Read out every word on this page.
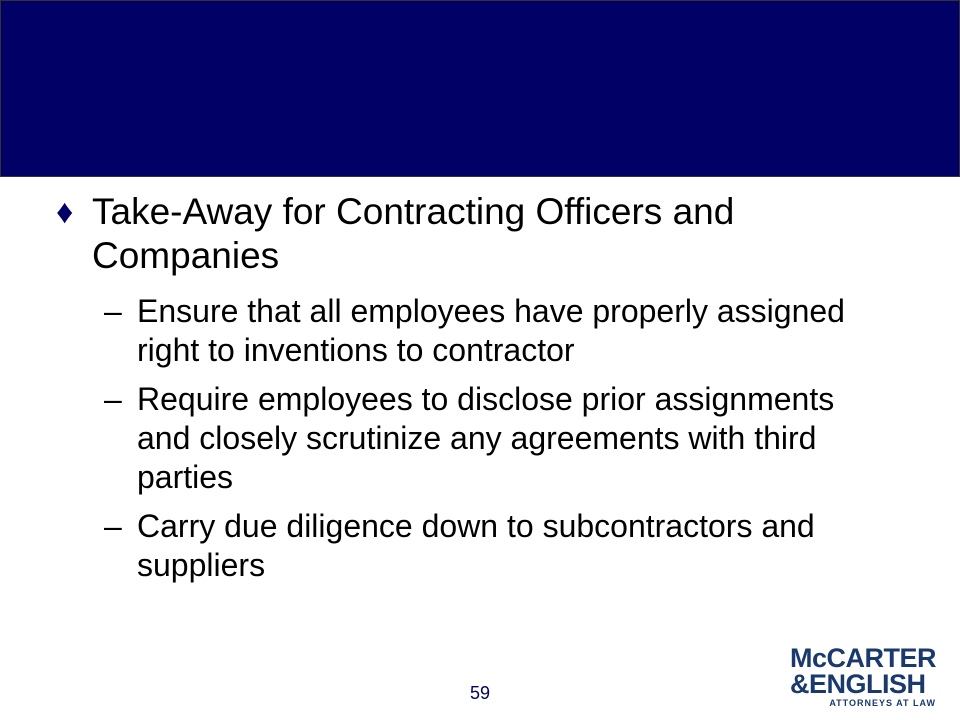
♦ Take-Away for Contracting Officers and Companies
– Ensure that all employees have properly assigned right to inventions to contractor
– Require employees to disclose prior assignments and closely scrutinize any agreements with third parties
– Carry due diligence down to subcontractors and suppliers
59
McCARTER
&ENGLISH
ATTORNEYS AT LAW
